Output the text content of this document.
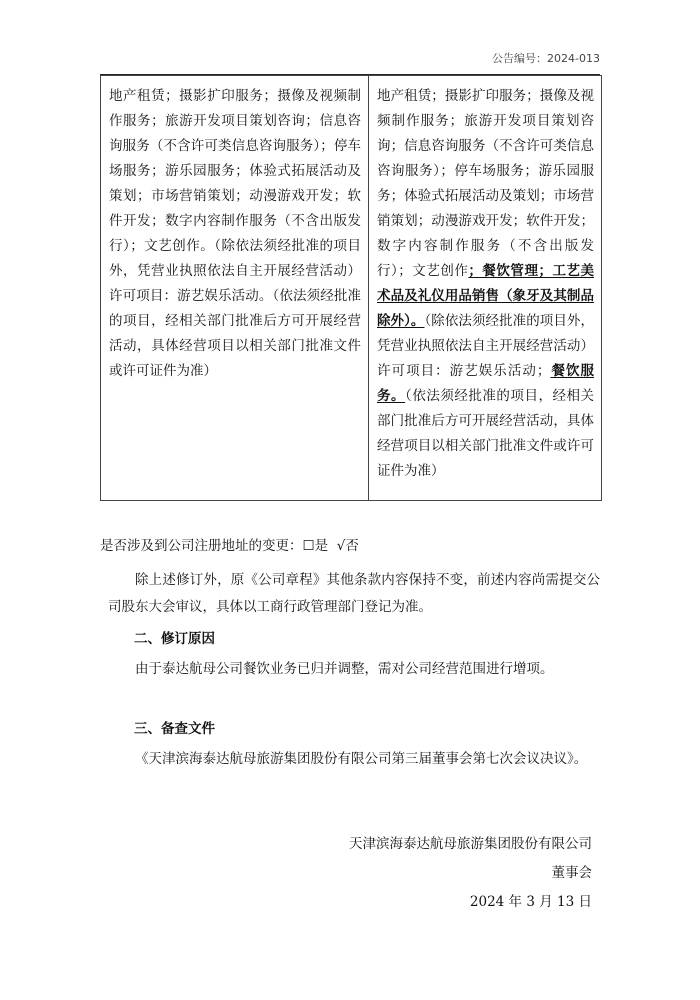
公告编号：2024-013
地产租赁；摄影扩印服务；摄像及视频制作服务；旅游开发项目策划咨询；信息咨询服务（不含许可类信息咨询服务）；停车场服务；游乐园服务；体验式拓展活动及策划；市场营销策划；动漫游戏开发；软件开发；数字内容制作服务（不含出版发行）；文艺创作。（除依法须经批准的项目外，凭营业执照依法自主开展经营活动）许可项目：游艺娱乐活动。（依法须经批准的项目，经相关部门批准后方可开展经营活动，具体经营项目以相关部门批准文件或许可证件为准）	地产租赁；摄影扩印服务；摄像及视频制作服务；旅游开发项目策划咨询；信息咨询服务（不含许可类信息咨询服务）；停车场服务；游乐园服务；体验式拓展活动及策划；市场营销策划；动漫游戏开发；软件开发；数字内容制作服务（不含出版发行）；文艺创作；餐饮管理；工艺美术品及礼仪用品销售（象牙及其制品除外）。（除依法须经批准的项目外，凭营业执照依法自主开展经营活动）许可项目：游艺娱乐活动；餐饮服务。（依法须经批准的项目，经相关部门批准后方可开展经营活动，具体经营项目以相关部门批准文件或许可证件为准）
是否涉及到公司注册地址的变更：☐是 √否
除上述修订外，原《公司章程》其他条款内容保持不变，前述内容尚需提交公司股东大会审议，具体以工商行政管理部门登记为准。
二、修订原因
由于泰达航母公司餐饮业务已归并调整，需对公司经营范围进行增项。
三、备查文件
《天津滨海泰达航母旅游集团股份有限公司第三届董事会第七次会议决议》。
天津滨海泰达航母旅游集团股份有限公司
董事会
2024 年 3 月 13 日
